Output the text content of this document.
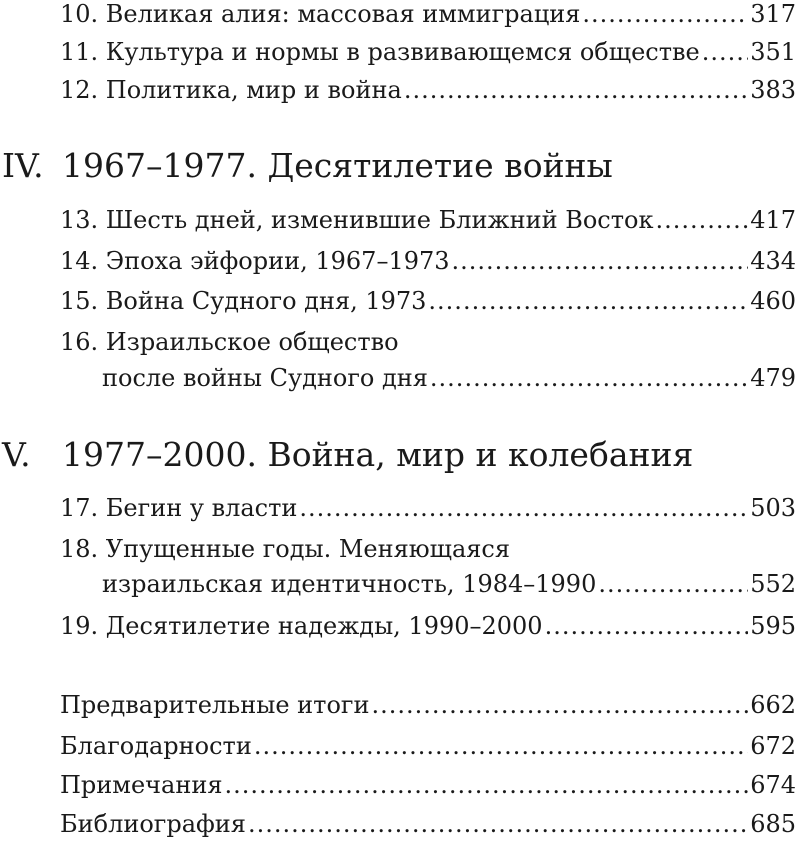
10. Великая алия: массовая иммиграция .....	317
11. Культура и нормы в развивающемся обществе ..... 351
12. Политика, мир и война .....	383
IV. 1967–1977. Десятилетие войны
13. Шесть дней, изменившие Ближний Восток .....	417
14. Эпоха эйфории, 1967–1973 .....	434
15. Война Судного дня, 1973 .....	460
16. Израильское общество
после войны Судного дня .....	479
V. 1977–2000. Война, мир и колебания
17. Бегин у власти .....	503
18. Упущенные годы. Меняющаяся
израильская идентичность, 1984–1990 .....	552
19. Десятилетие надежды, 1990–2000 .....	595
Предварительные итоги .....	662
Благодарности .....	672
Примечания .....	674
Библиография .....	685
